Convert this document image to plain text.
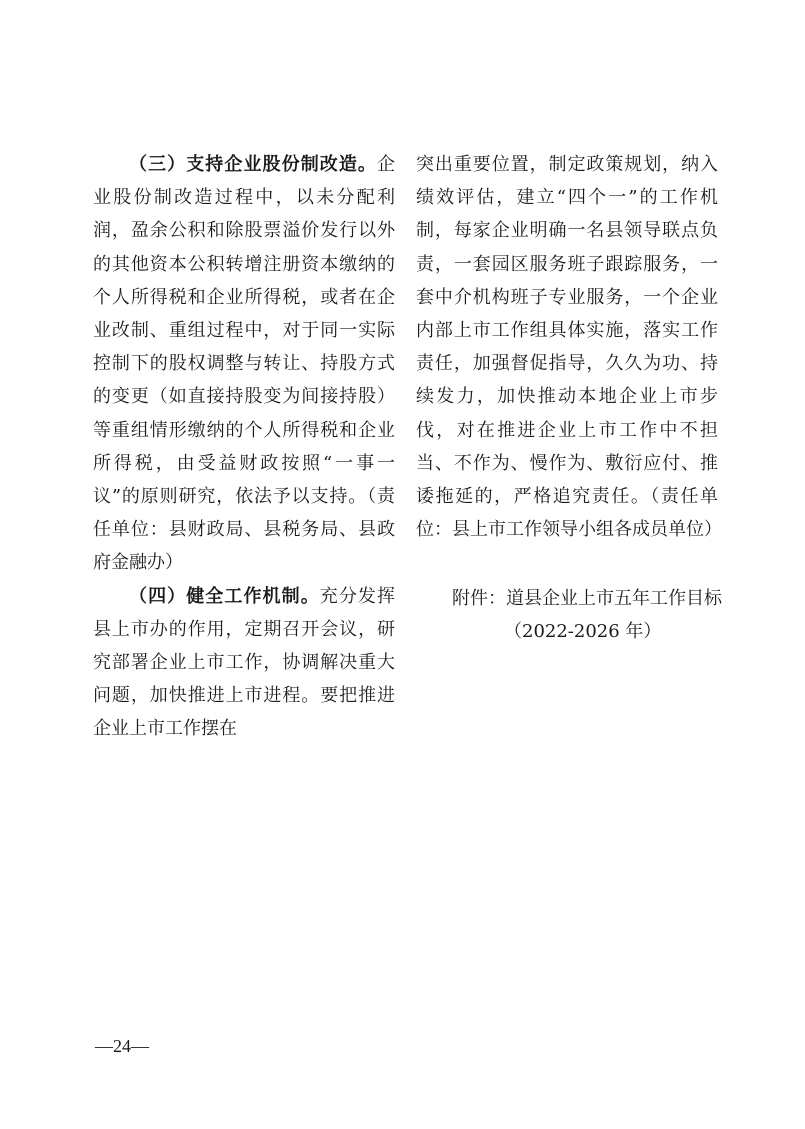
（三）支持企业股份制改造。企业股份制改造过程中，以未分配利润，盈余公积和除股票溢价发行以外的其他资本公积转增注册资本缴纳的个人所得税和企业所得税，或者在企业改制、重组过程中，对于同一实际控制下的股权调整与转让、持股方式的变更（如直接持股变为间接持股）等重组情形缴纳的个人所得税和企业所得税，由受益财政按照“一事一议”的原则研究，依法予以支持。（责任单位：县财政局、县税务局、县政府金融办）

（四）健全工作机制。充分发挥县上市办的作用，定期召开会议，研究部署企业上市工作，协调解决重大问题，加快推进上市进程。要把推进企业上市工作摆在

突出重要位置，制定政策规划，纳入绩效评估，建立“四个一”的工作机制，每家企业明确一名县领导联点负责，一套园区服务班子跟踪服务，一套中介机构班子专业服务，一个企业内部上市工作组具体实施，落实工作责任，加强督促指导，久久为功、持续发力，加快推动本地企业上市步伐，对在推进企业上市工作中不担当、不作为、慢作为、敷衍应付、推诿拖延的，严格追究责任。（责任单位：县上市工作领导小组各成员单位）

附件：道县企业上市五年工作目标
（2022-2026 年）
—24—
